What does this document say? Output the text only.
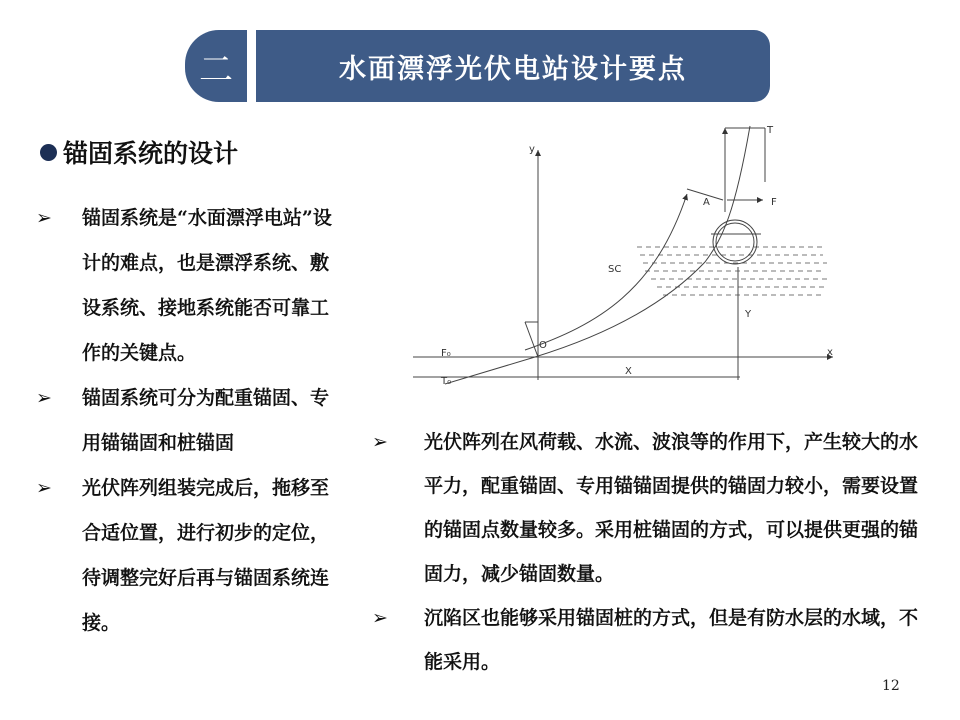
二	水面漂浮光伏电站设计要点
锚固系统的设计
➢	锚固系统是“水面漂浮电站”设计的难点，也是漂浮系统、敷设系统、接地系统能否可靠工作的关键点。
➢	锚固系统可分为配重锚固、专用锚锚固和桩锚固
➢	光伏阵列组装完成后，拖移至合适位置，进行初步的定位，待调整完好后再与锚固系统连接。
y
x
T
A	F
SC
O
Y
X
F₀
T₀
➢	光伏阵列在风荷载、水流、波浪等的作用下，产生较大的水平力，配重锚固、专用锚锚固提供的锚固力较小，需要设置的锚固点数量较多。采用桩锚固的方式，可以提供更强的锚固力，减少锚固数量。
➢	沉陷区也能够采用锚固桩的方式，但是有防水层的水域，不能采用。
12
